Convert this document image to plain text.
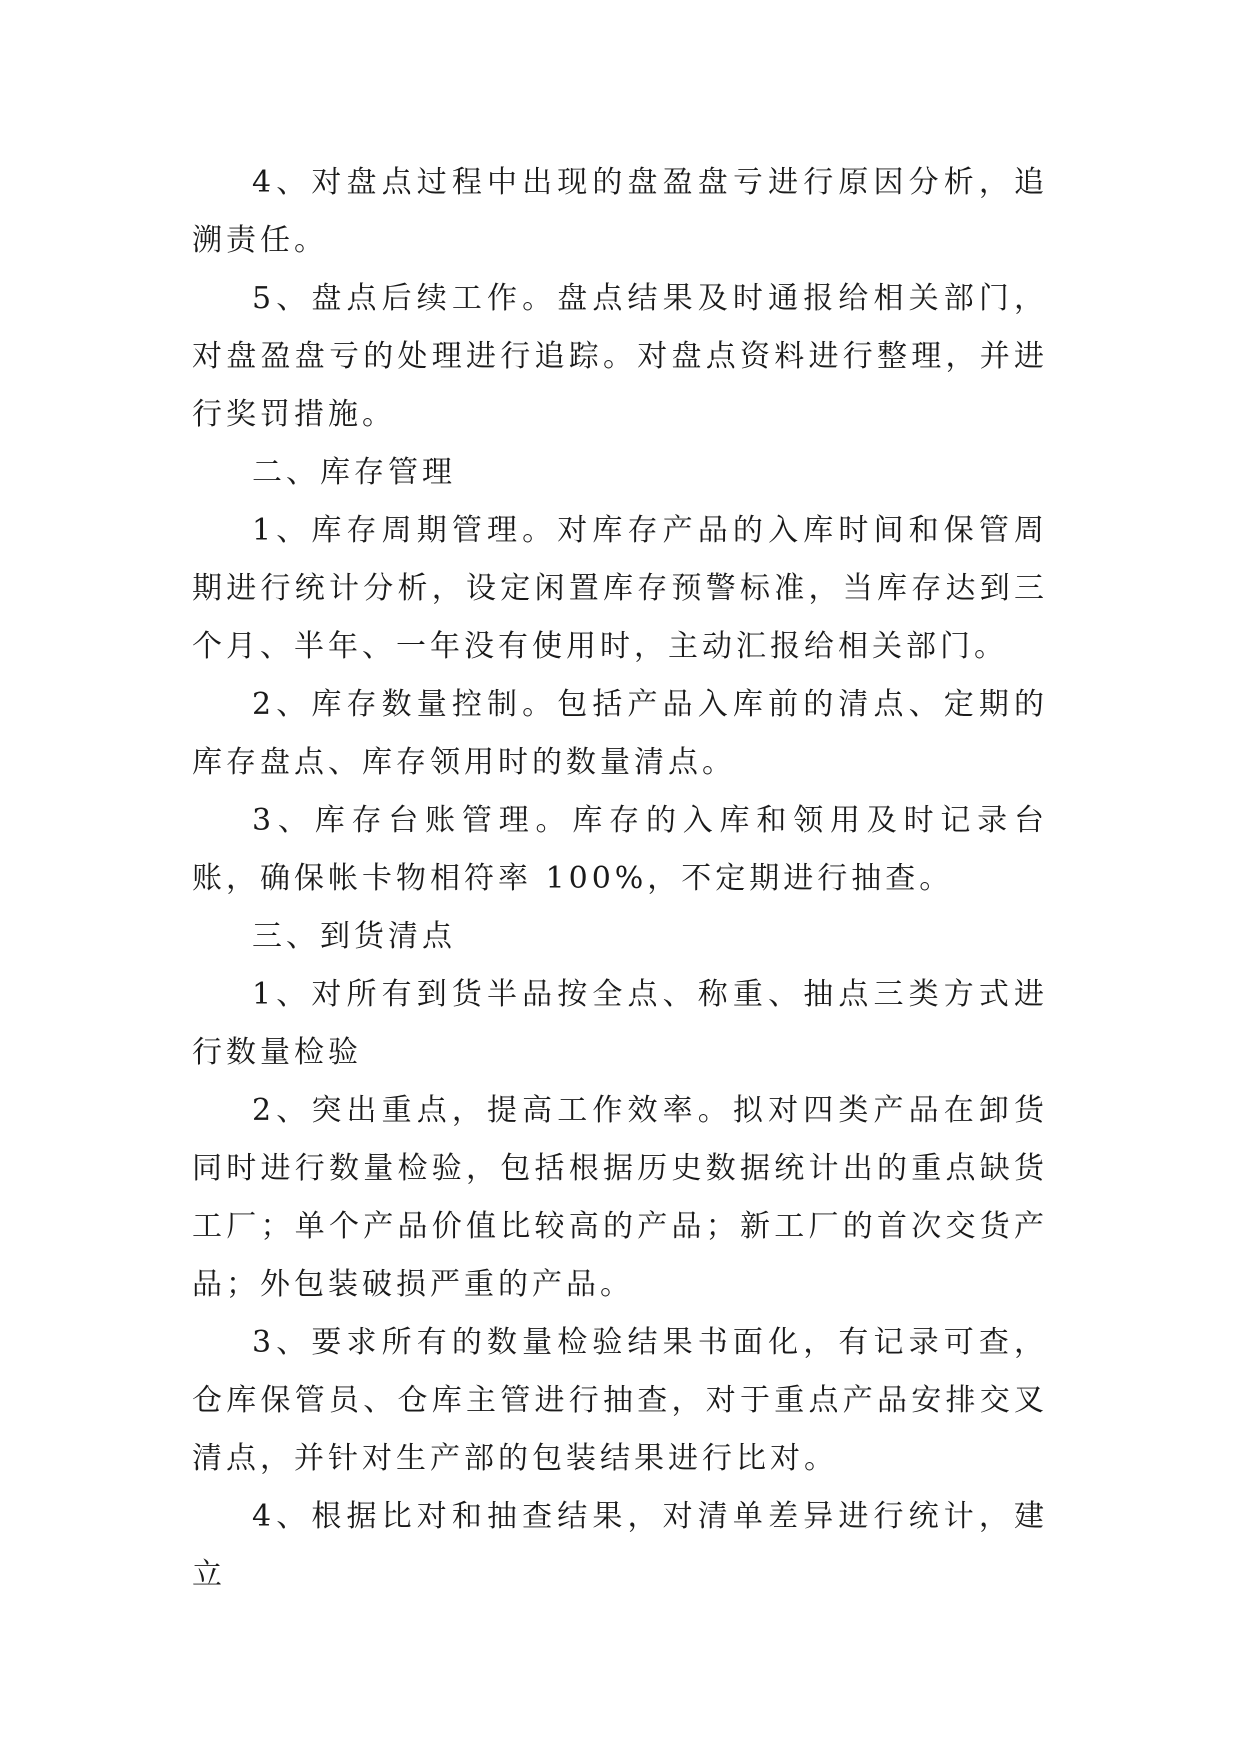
4、对盘点过程中出现的盘盈盘亏进行原因分析，追溯责任。

5、盘点后续工作。盘点结果及时通报给相关部门，对盘盈盘亏的处理进行追踪。对盘点资料进行整理，并进行奖罚措施。

二、库存管理

1、库存周期管理。对库存产品的入库时间和保管周期进行统计分析，设定闲置库存预警标准，当库存达到三个月、半年、一年没有使用时，主动汇报给相关部门。

2、库存数量控制。包括产品入库前的清点、定期的库存盘点、库存领用时的数量清点。

3、库存台账管理。库存的入库和领用及时记录台账，确保帐卡物相符率 100%，不定期进行抽查。

三、到货清点

1、对所有到货半品按全点、称重、抽点三类方式进行数量检验

2、突出重点，提高工作效率。拟对四类产品在卸货同时进行数量检验，包括根据历史数据统计出的重点缺货工厂；单个产品价值比较高的产品；新工厂的首次交货产品；外包装破损严重的产品。

3、要求所有的数量检验结果书面化，有记录可查，仓库保管员、仓库主管进行抽查，对于重点产品安排交叉清点，并针对生产部的包装结果进行比对。

4、根据比对和抽查结果，对清单差异进行统计，建立
